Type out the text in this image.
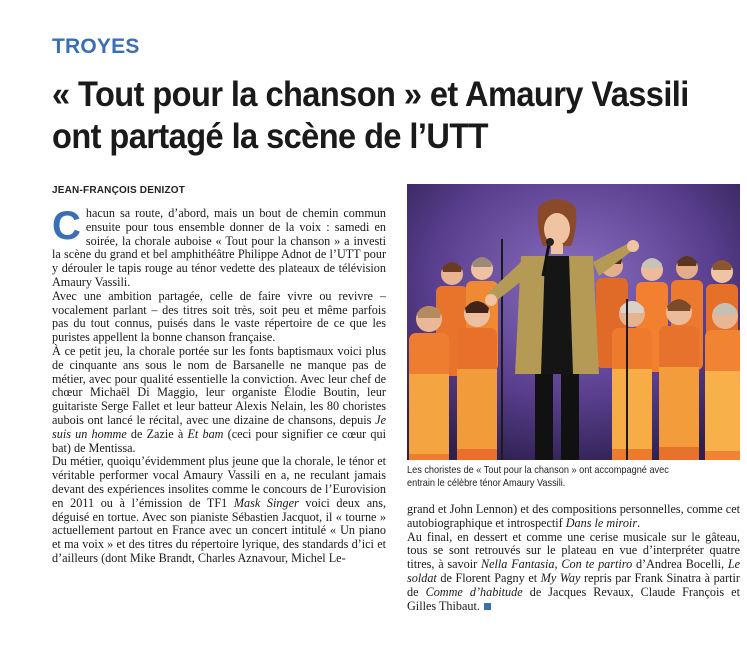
TROYES
« Tout pour la chanson » et Amaury Vassili ont partagé la scène de l’UTT
JEAN-FRANÇOIS DENIZOT

Chacun sa route, d’abord, mais un bout de chemin commun ensuite pour tous ensemble donner de la voix : samedi en soirée, la chorale auboise « Tout pour la chanson » a investi la scène du grand et bel amphithéâtre Philippe Adnot de l’UTT pour y dérouler le tapis rouge au ténor vedette des plateaux de télévision Amaury Vassili.

Avec une ambition partagée, celle de faire vivre ou revivre – vocalement parlant – des titres soit très, soit peu et même parfois pas du tout connus, puisés dans le vaste répertoire de ce que les puristes appellent la bonne chanson française.

À ce petit jeu, la chorale portée sur les fonts baptismaux voici plus de cinquante ans sous le nom de Barsanelle ne manque pas de métier, avec pour qualité essentielle la conviction. Avec leur chef de chœur Michaël Di Maggio, leur organiste Élodie Boutin, leur guitariste Serge Fallet et leur batteur Alexis Nelain, les 80 choristes aubois ont lancé le récital, avec une dizaine de chansons, depuis Je suis un homme de Zazie à Et bam (ceci pour signifier ce cœur qui bat) de Mentissa.

Du métier, quoiqu’évidemment plus jeune que la chorale, le ténor et véritable performer vocal Amaury Vassili en a, ne reculant jamais devant des expériences insolites comme le concours de l’Eurovision en 2011 ou à l’émission de TF1 Mask Singer voici deux ans, déguisé en tortue. Avec son pianiste Sébastien Jacquot, il « tourne » actuellement partout en France avec un concert intitulé « Un piano et ma voix » et des titres du répertoire lyrique, des standards d’ici et d’ailleurs (dont Mike Brandt, Charles Aznavour, Michel Le-

Les choristes de « Tout pour la chanson » ont accompagné avec entrain le célèbre ténor Amaury Vassili.

grand et John Lennon) et des compositions personnelles, comme cet autobiographique et introspectif Dans le miroir.

Au final, en dessert et comme une cerise musicale sur le gâteau, tous se sont retrouvés sur le plateau en vue d’interpréter quatre titres, à savoir Nella Fantasia, Con te partiro d’Andrea Bocelli, Le soldat de Florent Pagny et My Way repris par Frank Sinatra à partir de Comme d’habitude de Jacques Revaux, Claude François et Gilles Thibaut.
